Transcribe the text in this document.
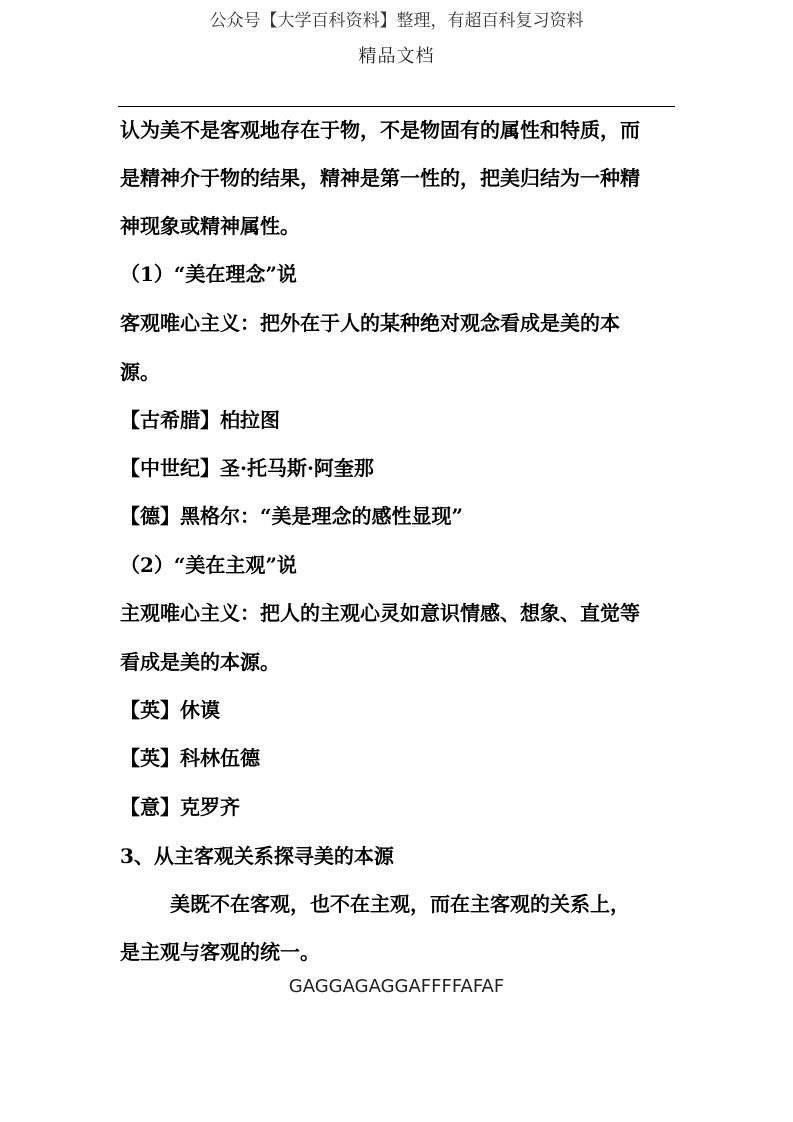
公众号【大学百科资料】整理，有超百科复习资料
精品文档
认为美不是客观地存在于物，不是物固有的属性和特质，而
是精神介于物的结果，精神是第一性的，把美归结为一种精
神现象或精神属性。
（1）“美在理念”说
客观唯心主义：把外在于人的某种绝对观念看成是美的本
源。
【古希腊】柏拉图
【中世纪】圣·托马斯·阿奎那
【德】黑格尔：“美是理念的感性显现”
（2）“美在主观”说
主观唯心主义：把人的主观心灵如意识情感、想象、直觉等
看成是美的本源。
【英】休谟
【英】科林伍德
【意】克罗齐
3、从主客观关系探寻美的本源
美既不在客观，也不在主观，而在主客观的关系上，
是主观与客观的统一。
GAGGAGAGGAFFFFAFAF
